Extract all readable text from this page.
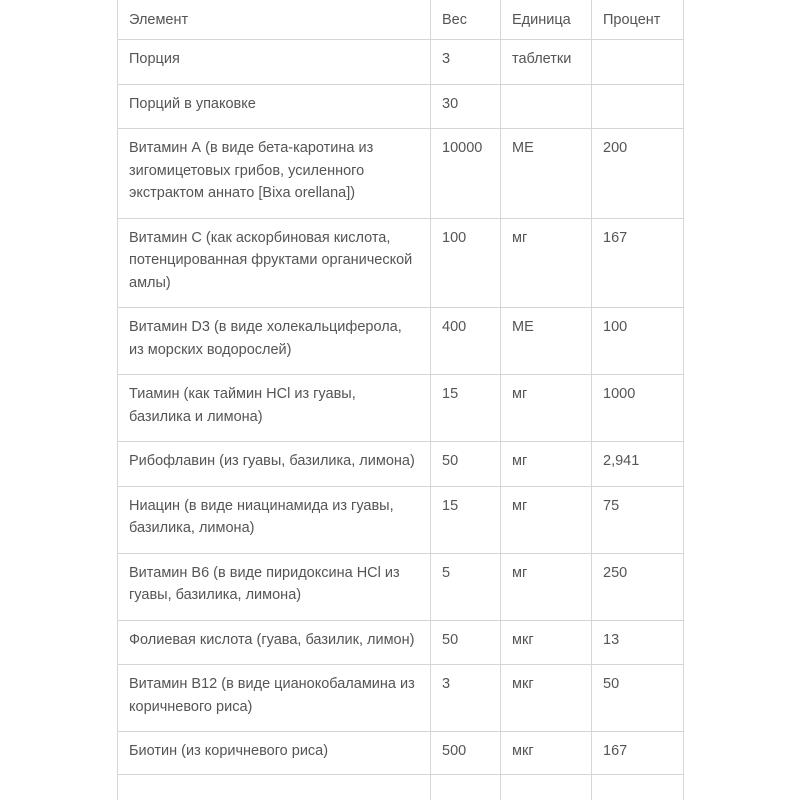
Элемент	Вес	Единица	Процент
Порция	3	таблетки	
Порций в упаковке	30		
Витамин А (в виде бета-каротина из зигомицетовых грибов, усиленного экстрактом аннато [Bixa orellana])	10000	МЕ	200
Витамин С (как аскорбиновая кислота, потенцированная фруктами органической амлы)	100	мг	167
Витамин D3 (в виде холекальциферола, из морских водорослей)	400	МЕ	100
Тиамин (как таймин HCl из гуавы, базилика и лимона)	15	мг	1000
Рибофлавин (из гуавы, базилика, лимона)	50	мг	2,941
Ниацин (в виде ниацинамида из гуавы, базилика, лимона)	15	мг	75
Витамин В6 (в виде пиридоксина HCl из гуавы, базилика, лимона)	5	мг	250
Фолиевая кислота (гуава, базилик, лимон)	50	мкг	13
Витамин В12 (в виде цианокобаламина из коричневого риса)	3	мкг	50
Биотин (из коричневого риса)	500	мкг	167
